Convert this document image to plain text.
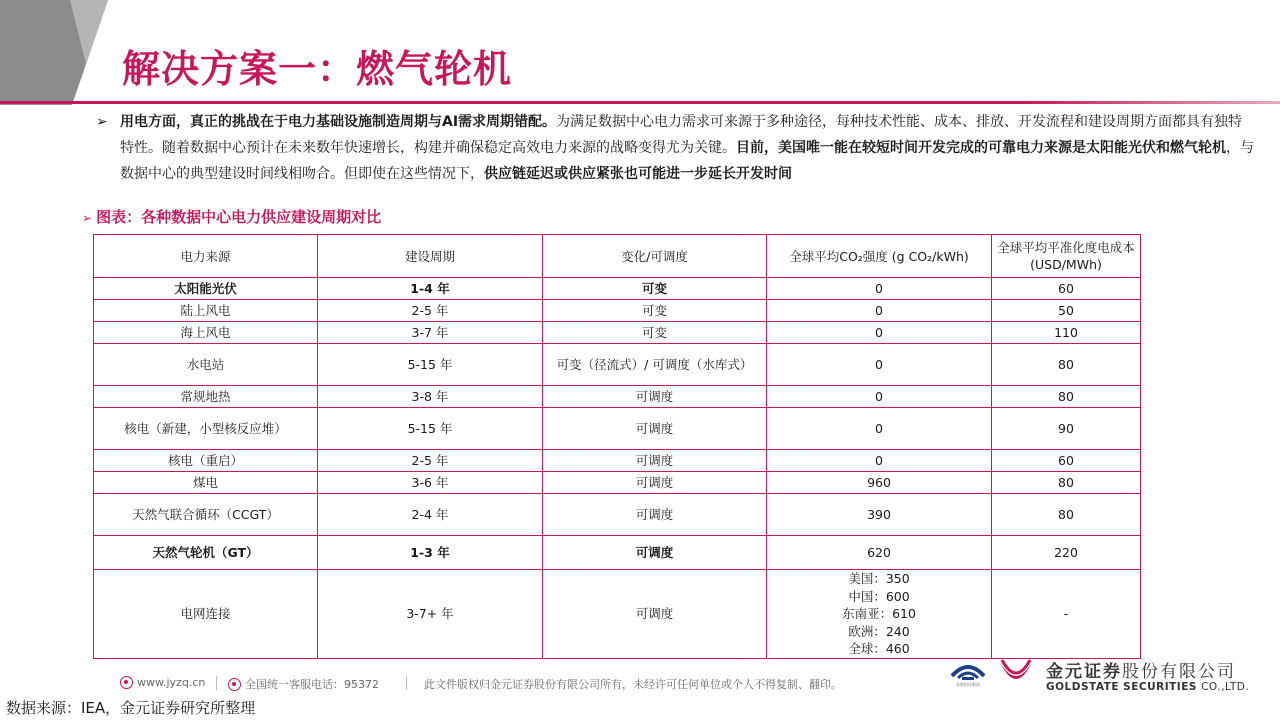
解决方案一：燃气轮机
➢ 用电方面，真正的挑战在于电力基础设施制造周期与AI需求周期错配。为满足数据中心电力需求可来源于多种途径，每种技术性能、成本、排放、开发流程和建设周期方面都具有独特特性。随着数据中心预计在未来数年快速增长，构建并确保稳定高效电力来源的战略变得尤为关键。目前，美国唯一能在较短时间开发完成的可靠电力来源是太阳能光伏和燃气轮机，与数据中心的典型建设时间线相吻合。但即使在这些情况下，供应链延迟或供应紧张也可能进一步延长开发时间
➢ 图表：各种数据中心电力供应建设周期对比
电力来源	建设周期	变化/可调度	全球平均CO₂强度 (g CO₂/kWh)	全球平均平准化度电成本 (USD/MWh)
太阳能光伏	1-4 年	可变	0	60
陆上风电	2-5 年	可变	0	50
海上风电	3-7 年	可变	0	110
水电站	5-15 年	可变（径流式）/ 可调度（水库式）	0	80
常规地热	3-8 年	可调度	0	80
核电（新建，小型核反应堆）	5-15 年	可调度	0	90
核电（重启）	2-5 年	可调度	0	60
煤电	3-6 年	可调度	960	80
天然气联合循环（CCGT）	2-4 年	可调度	390	80
天然气轮机（GT）	1-3 年	可调度	620	220
电网连接	3-7+ 年	可调度	美国：350
中国：600
东南亚：610
欧洲：240
全球：460	-
www.jyzq.cn	全国统一客服电话：95372	此文件版权归金元证券股份有限公司所有，未经许可任何单位或个人不得复制、翻印。	首都机场集团
金元证券股份有限公司
GOLDSTATE SECURITIES CO.,LTD.
数据来源：IEA，金元证券研究所整理
